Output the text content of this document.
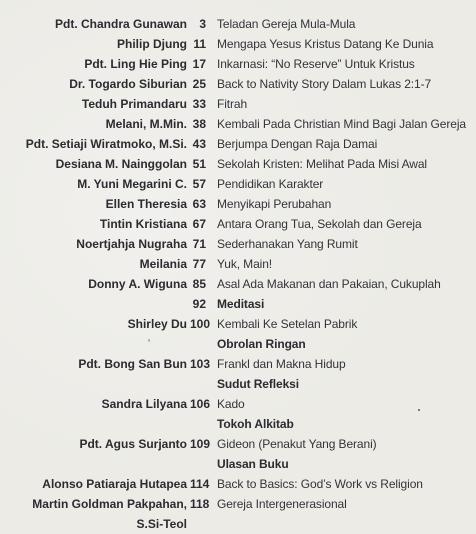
Pdt. Chandra Gunawan	3 Teladan Gereja Mula-Mula
Philip Djung 11 Mengapa Yesus Kristus Datang Ke Dunia
Pdt. Ling Hie Ping 17 Inkarnasi: “No Reserve” Untuk Kristus
Dr. Togardo Siburian 25 Back to Nativity Story Dalam Lukas 2:1-7
Teduh Primandaru 33 Fitrah
Melani, M.Min. 38 Kembali Pada Christian Mind Bagi Jalan Gereja
Pdt. Setiaji Wiratmoko, M.Si. 43 Berjumpa Dengan Raja Damai
Desiana M. Nainggolan 51 Sekolah Kristen: Melihat Pada Misi Awal
M. Yuni Megarini C. 57 Pendidikan Karakter
Ellen Theresia 63 Menyikapi Perubahan
Tintin Kristiana 67 Antara Orang Tua, Sekolah dan Gereja
Noertjahja Nugraha 71 Sederhanakan Yang Rumit
Meilania 77 Yuk, Main!
Donny A. Wiguna 85 Asal Ada Makanan dan Pakaian, Cukuplah
92 Meditasi
Shirley Du 100 Kembali Ke Setelan Pabrik
‘	Obrolan Ringan
Pdt. Bong San Bun 103 Frankl dan Makna Hidup
Sudut Refleksi
Sandra Lilyana 106 Kado
Tokoh Alkitab
Pdt. Agus Surjanto 109 Gideon (Penakut Yang Berani)
Ulasan Buku
Alonso Patiaraja Hutapea 114 Back to Basics: God’s Work vs Religion
Martin Goldman Pakpahan,
S.Si-Teol
118 Gereja Intergenerasional
